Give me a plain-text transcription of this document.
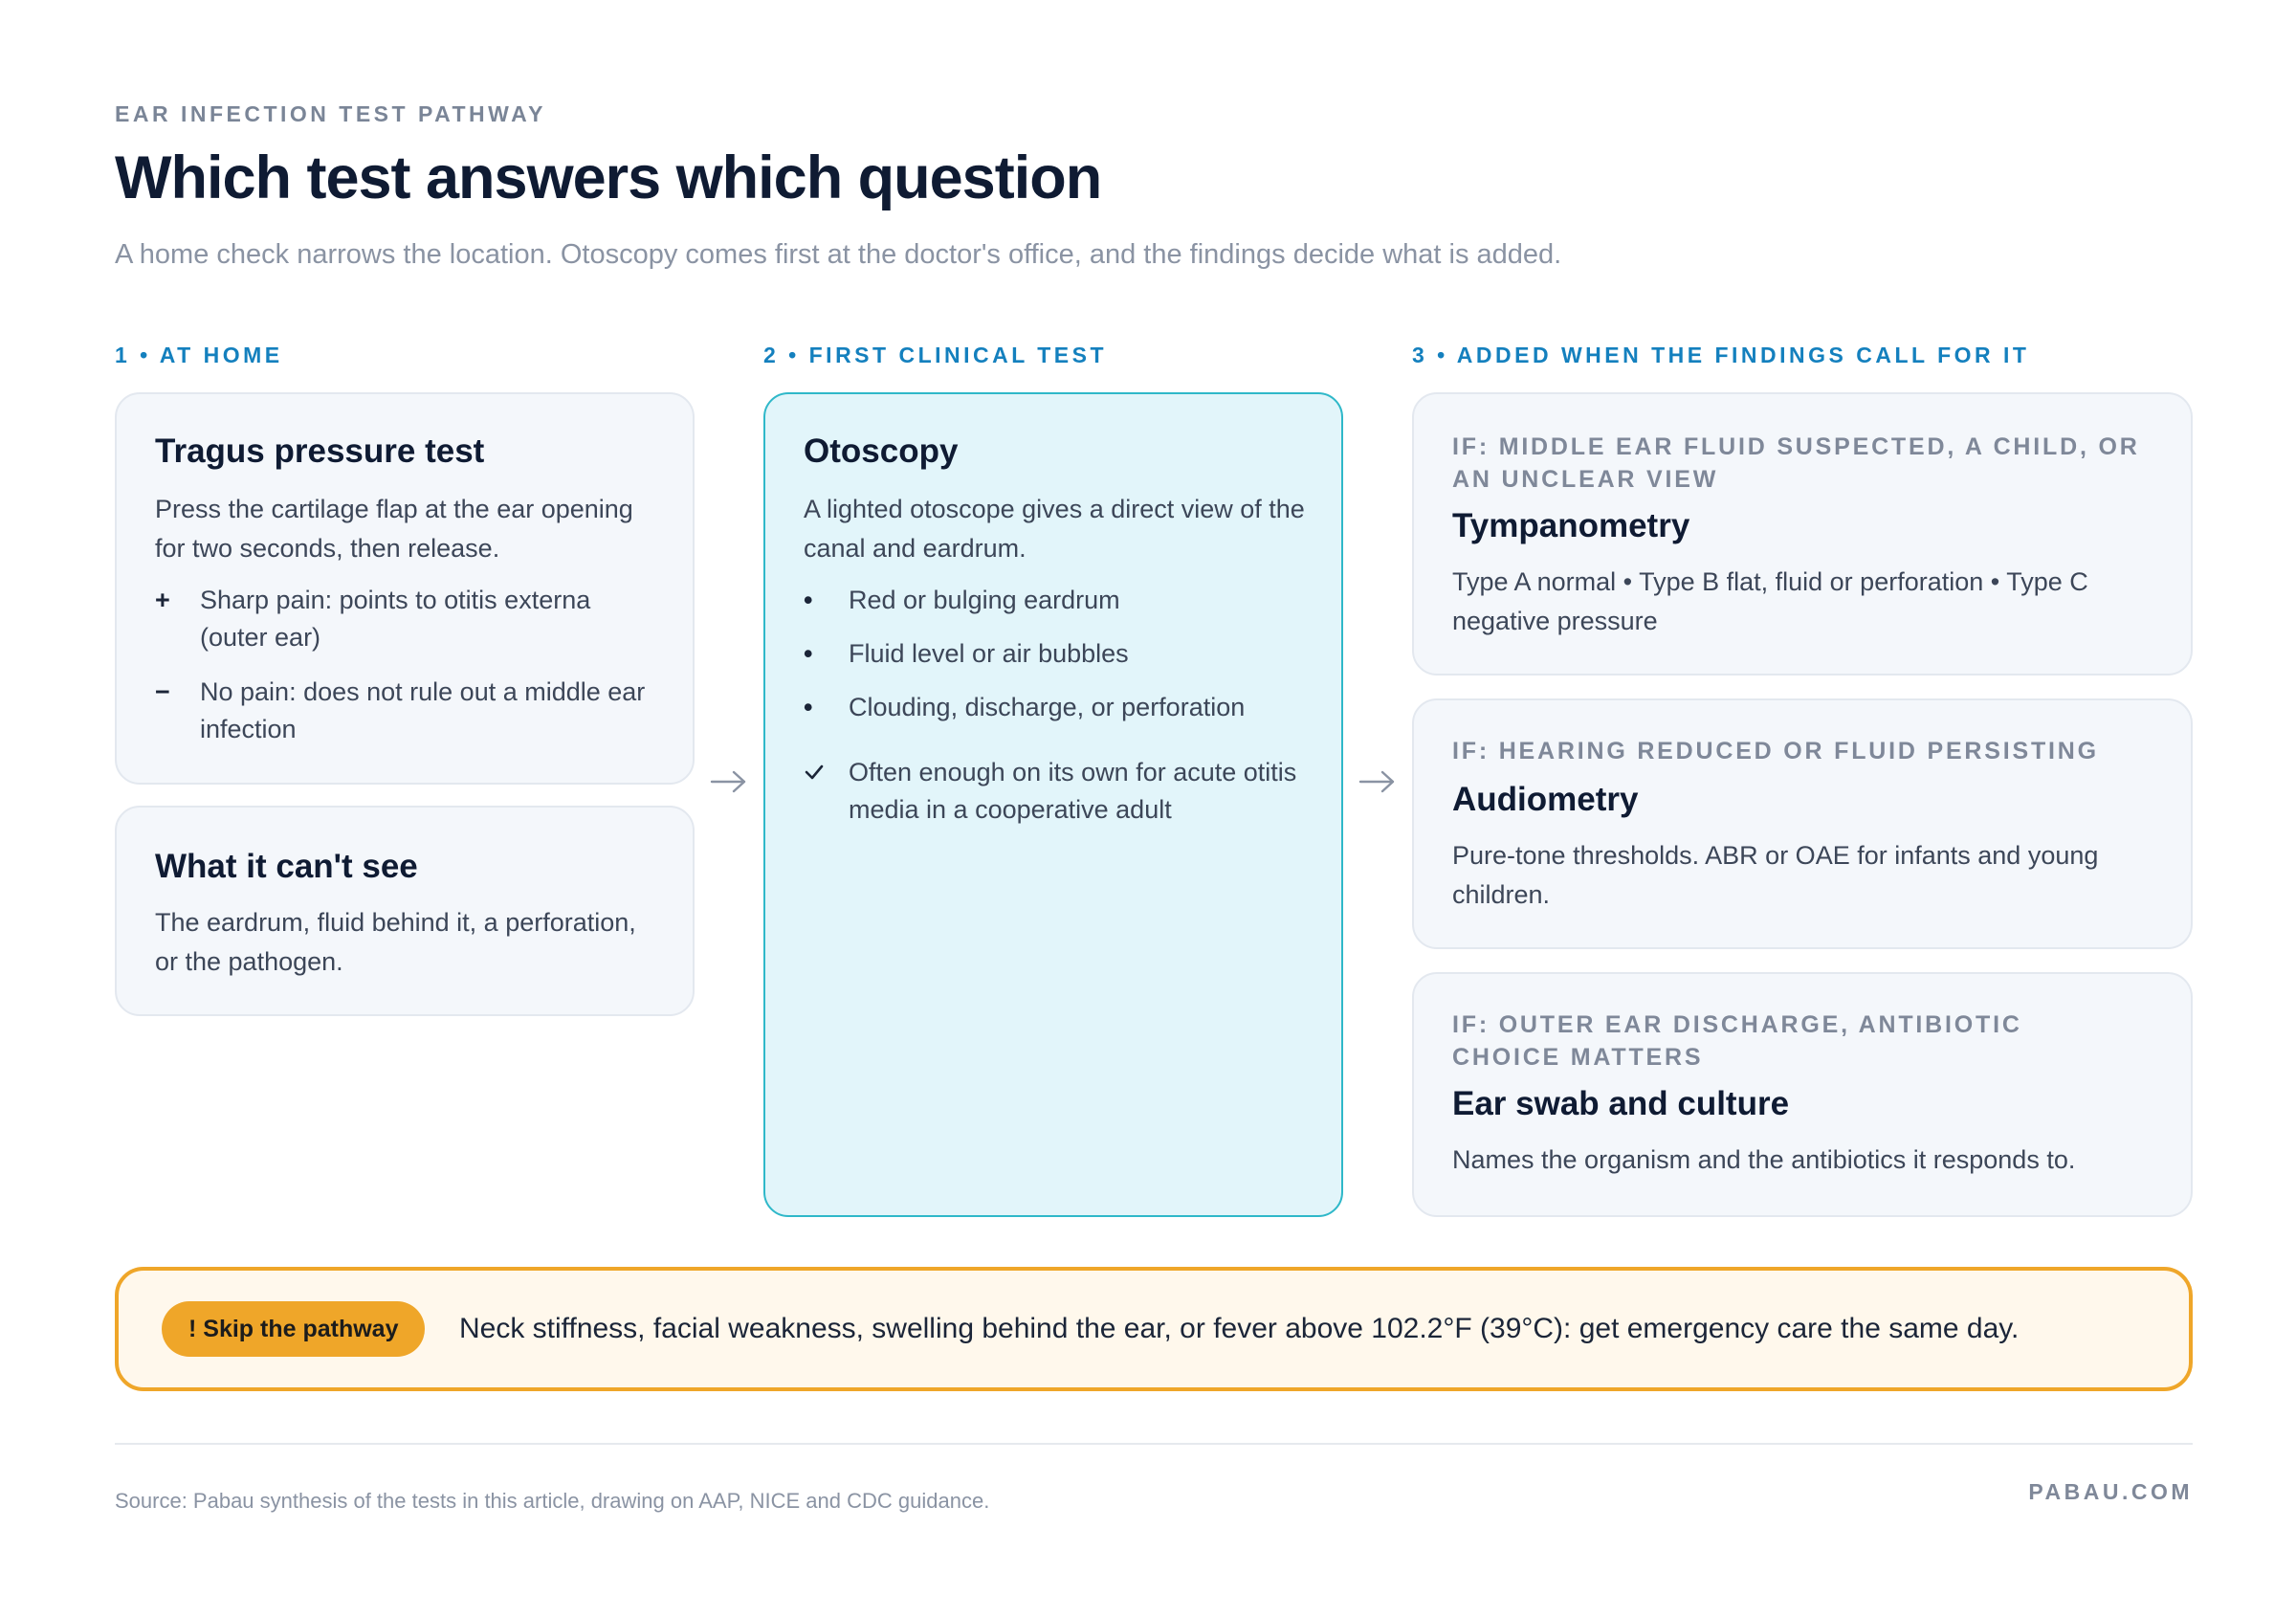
EAR INFECTION TEST PATHWAY
Which test answers which question
A home check narrows the location. Otoscopy comes first at the doctor's office, and the findings decide what is added.
1 • AT HOME	2 • FIRST CLINICAL TEST	3 • ADDED WHEN THE FINDINGS CALL FOR IT
Tragus pressure test
Press the cartilage flap at the ear opening for two seconds, then release.
+	Sharp pain: points to otitis externa (outer ear)
−	No pain: does not rule out a middle ear infection
What it can't see
The eardrum, fluid behind it, a perforation, or the pathogen.
Otoscopy
A lighted otoscope gives a direct view of the canal and eardrum.
•	Red or bulging eardrum
•	Fluid level or air bubbles
•	Clouding, discharge, or perforation
Often enough on its own for acute otitis media in a cooperative adult
IF: MIDDLE EAR FLUID SUSPECTED, A CHILD, OR AN UNCLEAR VIEW
Tympanometry
Type A normal • Type B flat, fluid or perforation • Type C negative pressure
IF: HEARING REDUCED OR FLUID PERSISTING
Audiometry
Pure-tone thresholds. ABR or OAE for infants and young children.
IF: OUTER EAR DISCHARGE, ANTIBIOTIC CHOICE MATTERS
Ear swab and culture
Names the organism and the antibiotics it responds to.
! Skip the pathway	Neck stiffness, facial weakness, swelling behind the ear, or fever above 102.2°F (39°C): get emergency care the same day.
Source: Pabau synthesis of the tests in this article, drawing on AAP, NICE and CDC guidance.	PABAU.COM
